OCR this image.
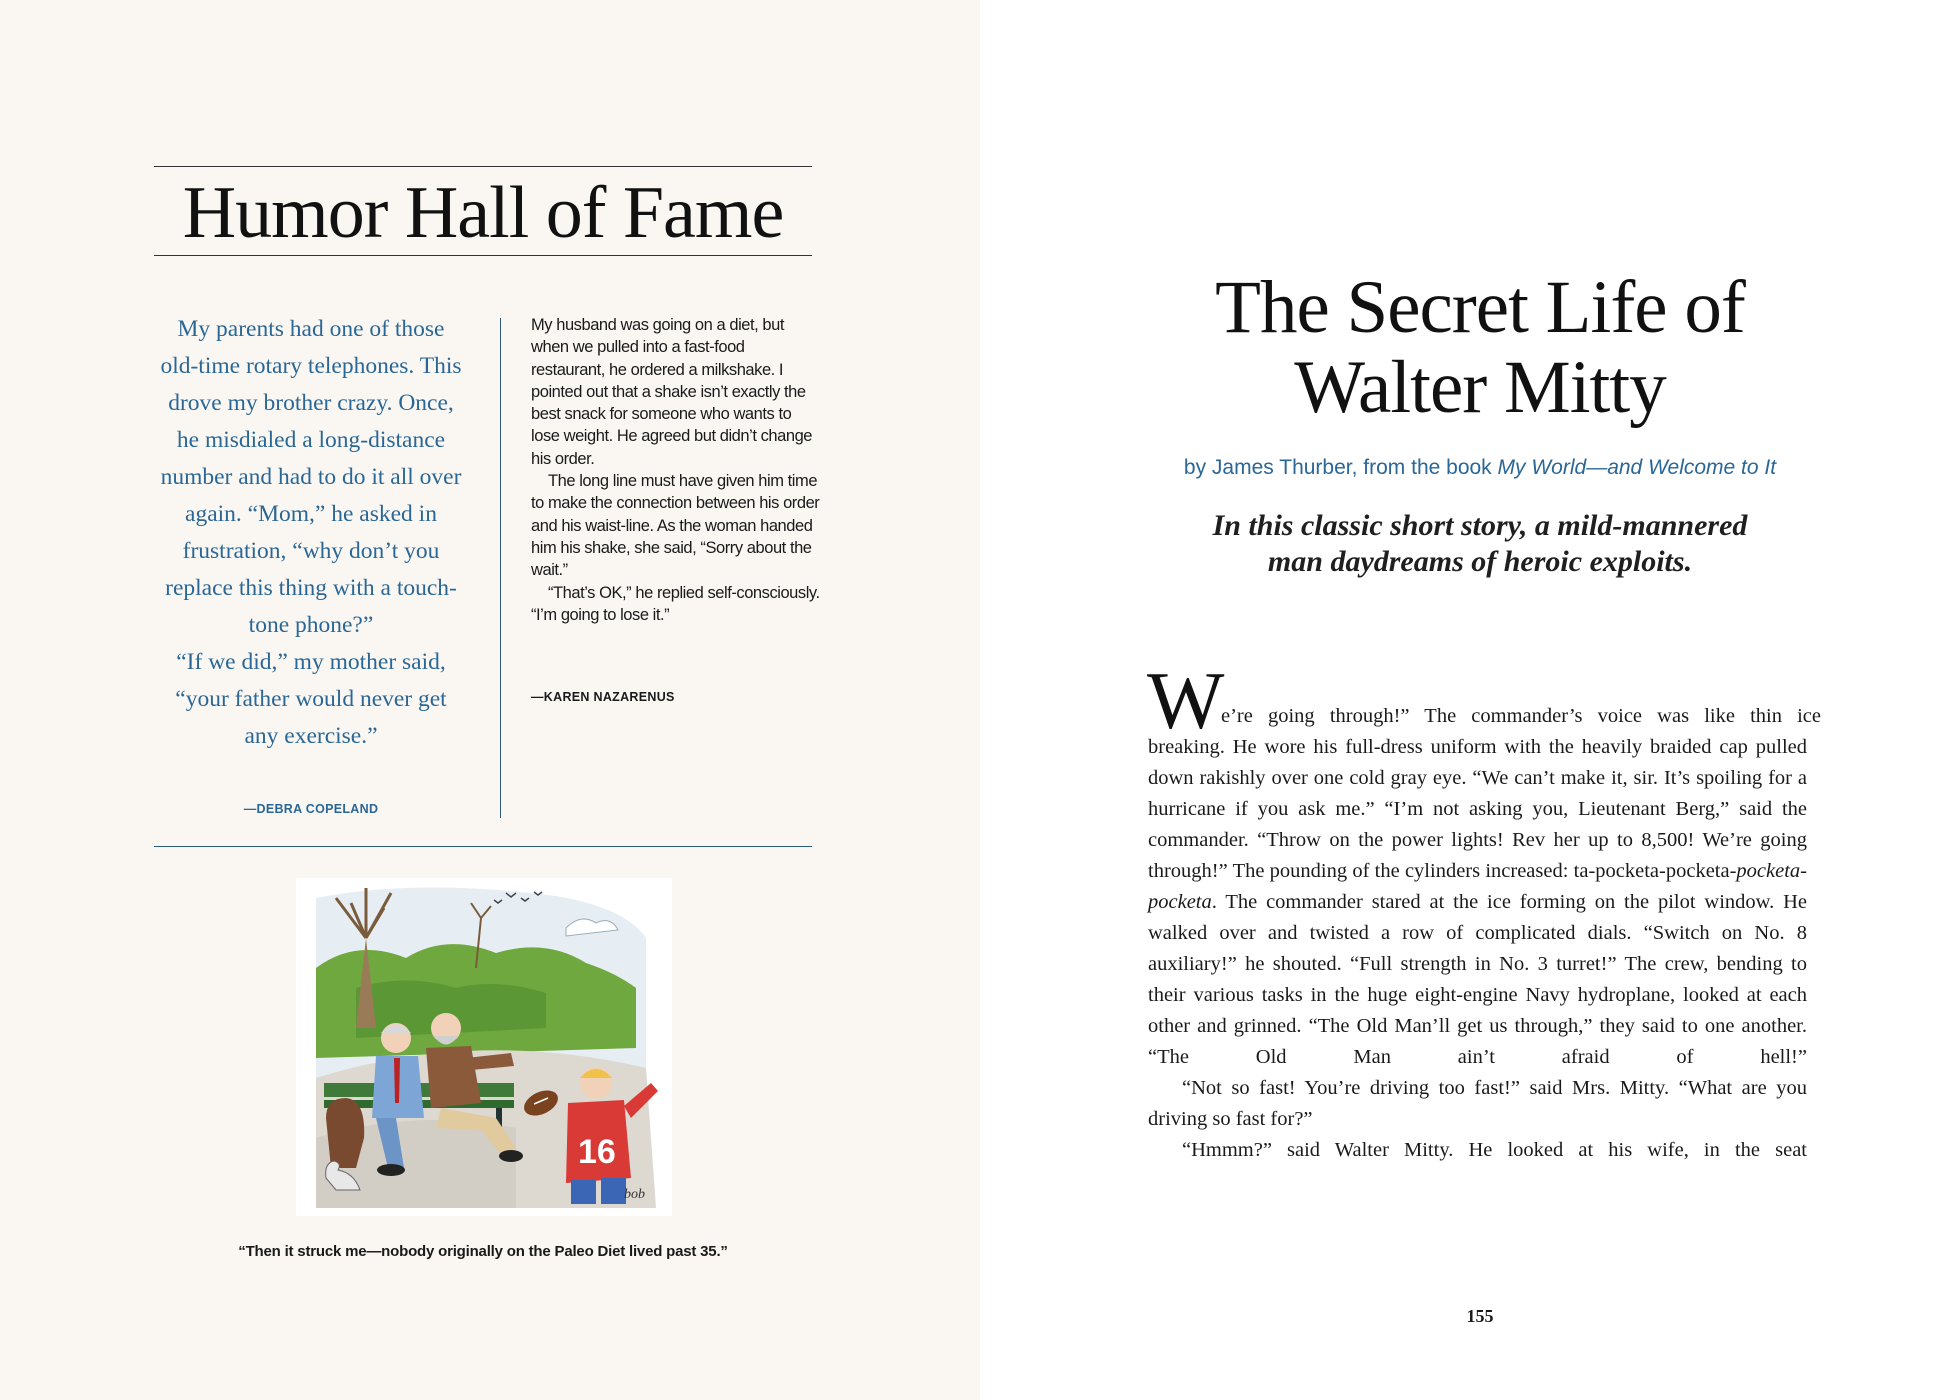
Humor Hall of Fame

My parents had one of those old-time rotary telephones. This drove my brother crazy. Once, he misdialed a long-distance number and had to do it all over again. “Mom,” he asked in frustration, “why don’t you replace this thing with a touch-tone phone?”

“If we did,” my mother said, “your father would never get any exercise.”

—DEBRA COPELAND

My husband was going on a diet, but when we pulled into a fast-food restaurant, he ordered a milkshake. I pointed out that a shake isn’t exactly the best snack for someone who wants to lose weight. He agreed but didn’t change his order.

The long line must have given him time to make the connection between his order and his waist-line. As the woman handed him his shake, she said, “Sorry about the wait.”

“That’s OK,” he replied self-consciously. “I’m going to lose it.”

—KAREN NAZARENUS
16
bob
“Then it struck me—nobody originally on the Paleo Diet lived past 35.”
The Secret Life of
Walter Mitty
by James Thurber, from the book My World—and Welcome to It
In this classic short story, a mild-mannered
man daydreams of heroic exploits.
W
e’re going through!” The commander’s voice was like thin ice

breaking. He wore his full-dress uniform with the heavily braided cap pulled down rakishly over one cold gray eye. “We can’t make it, sir. It’s spoiling for a hurricane if you ask me.” “I’m not asking you, Lieutenant Berg,” said the commander. “Throw on the power lights! Rev her up to 8,500! We’re going through!” The pounding of the cylinders increased: ta-pocketa-pocketa-pocketa-pocketa. The commander stared at the ice forming on the pilot window. He walked over and twisted a row of complicated dials. “Switch on No. 8 auxiliary!” he shouted. “Full strength in No. 3 turret!” The crew, bending to their various tasks in the huge eight-engine Navy hydroplane, looked at each other and grinned. “The Old Man’ll get us through,” they said to one another. “The Old Man ain’t afraid of hell!”

“Not so fast! You’re driving too fast!” said Mrs. Mitty. “What are you driving so fast for?”

“Hmmm?” said Walter Mitty. He looked at his wife, in the seat

155
